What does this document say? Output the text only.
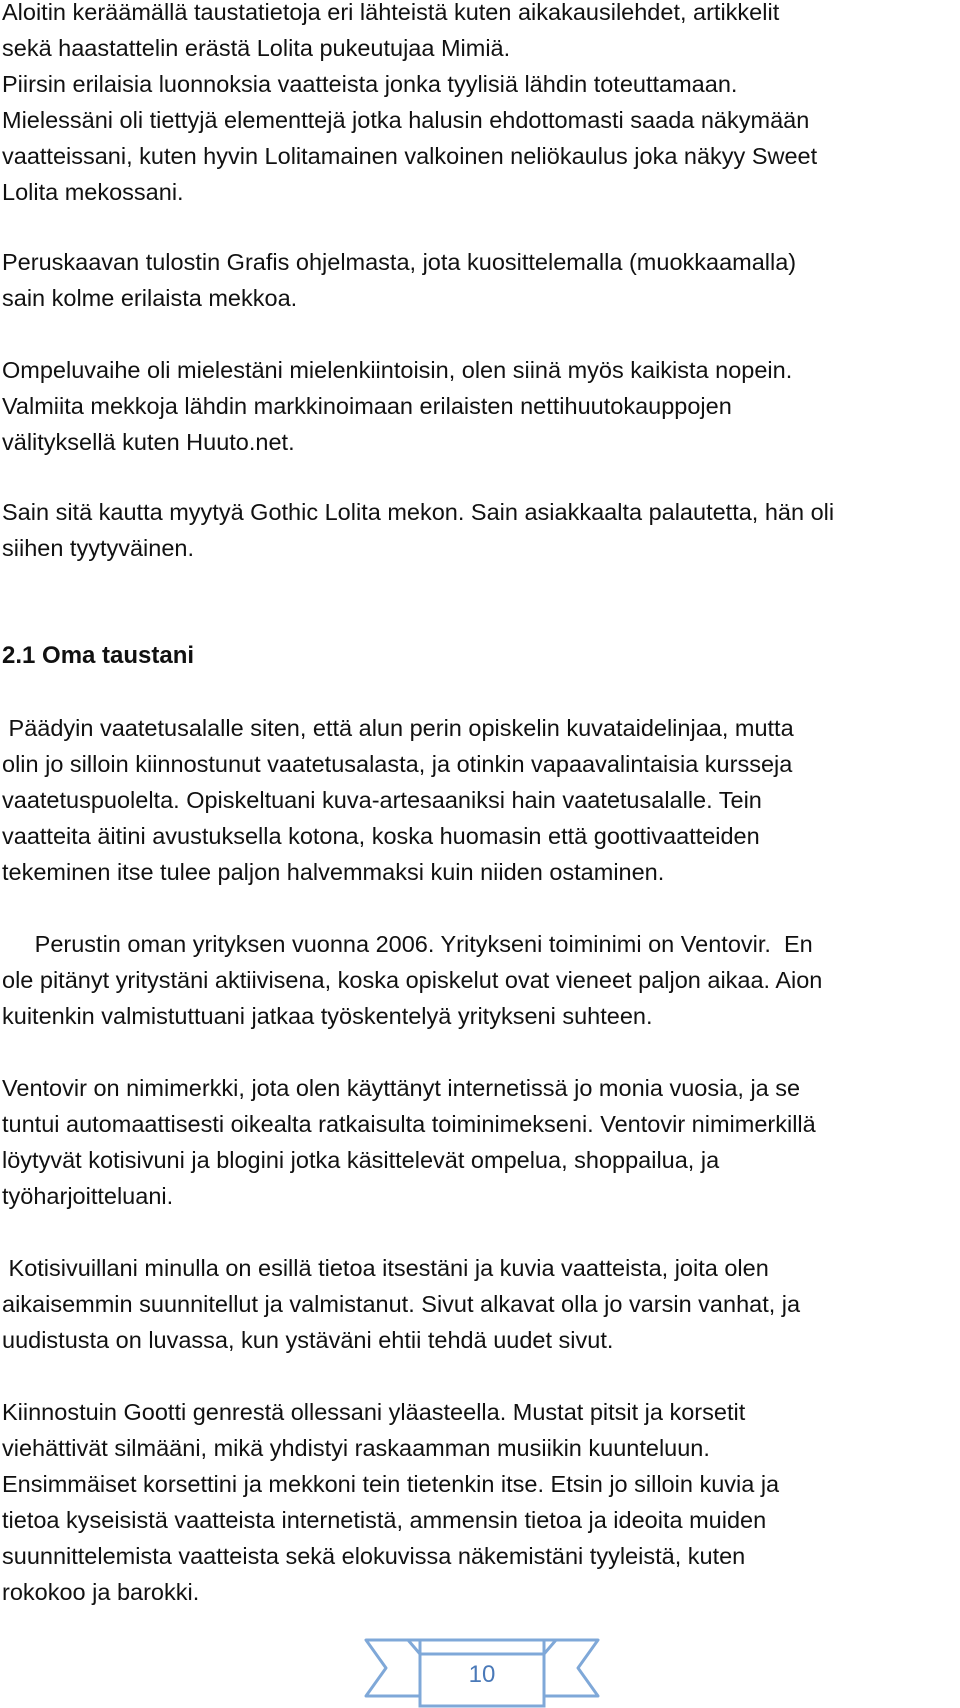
Aloitin keräämällä taustatietoja eri lähteistä kuten aikakausilehdet, artikkelit
sekä haastattelin erästä Lolita pukeutujaa Mimiä.
Piirsin erilaisia luonnoksia vaatteista jonka tyylisiä lähdin toteuttamaan.
Mielessäni oli tiettyjä elementtejä jotka halusin ehdottomasti saada näkymään
vaatteissani, kuten hyvin Lolitamainen valkoinen neliökaulus joka näkyy Sweet
Lolita mekossani.

Peruskaavan tulostin Grafis ohjelmasta, jota kuosittelemalla (muokkaamalla)
sain kolme erilaista mekkoa.

Ompeluvaihe oli mielestäni mielenkiintoisin, olen siinä myös kaikista nopein.
Valmiita mekkoja lähdin markkinoimaan erilaisten nettihuutokauppojen
välityksellä kuten Huuto.net.

Sain sitä kautta myytyä Gothic Lolita mekon. Sain asiakkaalta palautetta, hän oli
siihen tyytyväinen.

2.1 Oma taustani

Päädyin vaatetusalalle siten, että alun perin opiskelin kuvataidelinjaa, mutta
olin jo silloin kiinnostunut vaatetusalasta, ja otinkin vapaavalintaisia kursseja
vaatetuspuolelta. Opiskeltuani kuva-artesaaniksi hain vaatetusalalle. Tein
vaatteita äitini avustuksella kotona, koska huomasin että goottivaatteiden
tekeminen itse tulee paljon halvemmaksi kuin niiden ostaminen.

Perustin oman yrityksen vuonna 2006. Yritykseni toiminimi on Ventovir.  En
ole pitänyt yritystäni aktiivisena, koska opiskelut ovat vieneet paljon aikaa. Aion
kuitenkin valmistuttuani jatkaa työskentelyä yritykseni suhteen.

Ventovir on nimimerkki, jota olen käyttänyt internetissä jo monia vuosia, ja se
tuntui automaattisesti oikealta ratkaisulta toiminimekseni. Ventovir nimimerkillä
löytyvät kotisivuni ja blogini jotka käsittelevät ompelua, shoppailua, ja
työharjoitteluani.

Kotisivuillani minulla on esillä tietoa itsestäni ja kuvia vaatteista, joita olen
aikaisemmin suunnitellut ja valmistanut. Sivut alkavat olla jo varsin vanhat, ja
uudistusta on luvassa, kun ystäväni ehtii tehdä uudet sivut.

Kiinnostuin Gootti genrestä ollessani yläasteella. Mustat pitsit ja korsetit
viehättivät silmääni, mikä yhdistyi raskaamman musiikin kuunteluun.
Ensimmäiset korsettini ja mekkoni tein tietenkin itse. Etsin jo silloin kuvia ja
tietoa kyseisistä vaatteista internetistä, ammensin tietoa ja ideoita muiden
suunnittelemista vaatteista sekä elokuvissa näkemistäni tyyleistä, kuten
rokokoo ja barokki.

10
